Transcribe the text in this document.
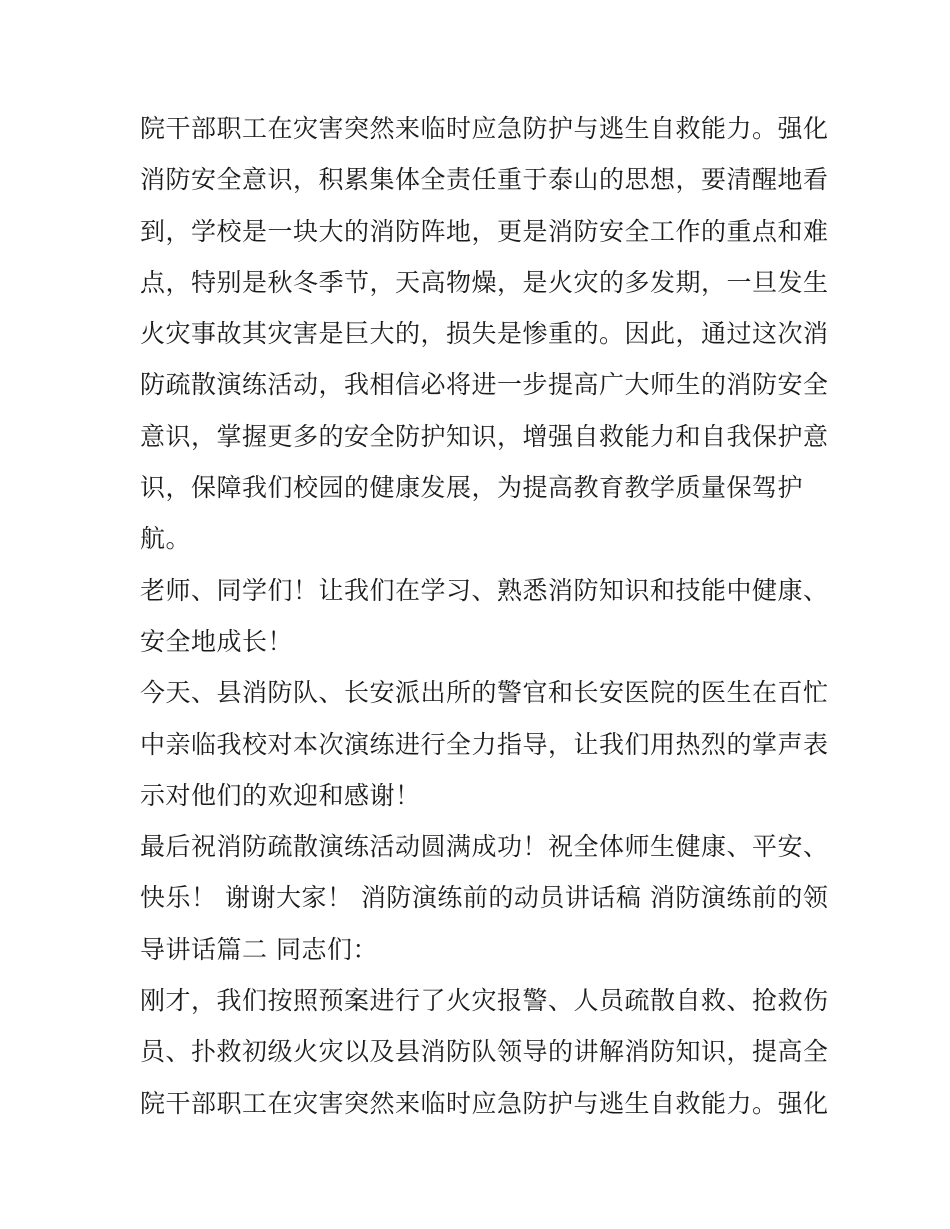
院干部职工在灾害突然来临时应急防护与逃生自救能力。强化
消防安全意识，积累集体全责任重于泰山的思想，要清醒地看
到，学校是一块大的消防阵地，更是消防安全工作的重点和难
点，特别是秋冬季节，天高物燥，是火灾的多发期，一旦发生
火灾事故其灾害是巨大的，损失是惨重的。因此，通过这次消
防疏散演练活动，我相信必将进一步提高广大师生的消防安全
意识，掌握更多的安全防护知识，增强自救能力和自我保护意
识，保障我们校园的健康发展，为提高教育教学质量保驾护
航。
老师、同学们！让我们在学习、熟悉消防知识和技能中健康、
安全地成长！
今天、县消防队、长安派出所的警官和长安医院的医生在百忙
中亲临我校对本次演练进行全力指导，让我们用热烈的掌声表
示对他们的欢迎和感谢！
最后祝消防疏散演练活动圆满成功！祝全体师生健康、平安、
快乐！ 谢谢大家！ 消防演练前的动员讲话稿 消防演练前的领
导讲话篇二 同志们：
刚才，我们按照预案进行了火灾报警、人员疏散自救、抢救伤
员、扑救初级火灾以及县消防队领导的讲解消防知识，提高全
院干部职工在灾害突然来临时应急防护与逃生自救能力。强化
